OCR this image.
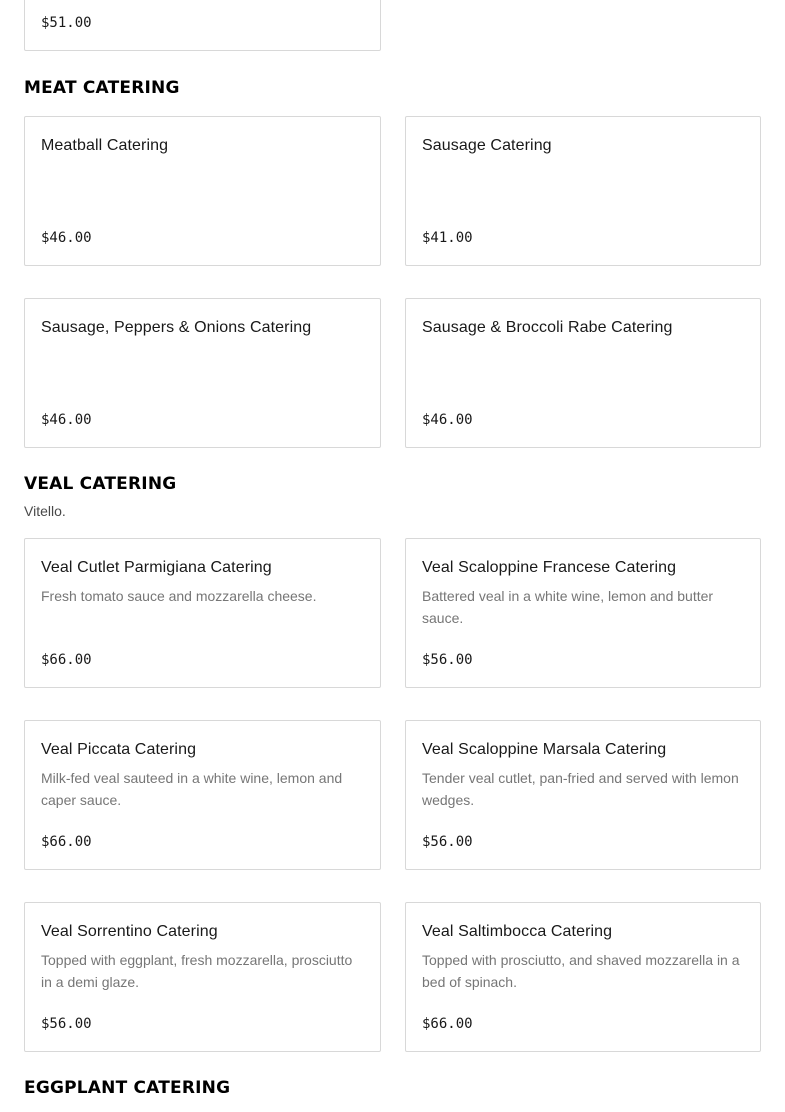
$51.00
MEAT CATERING
Meatball Catering
$46.00
Sausage Catering
$41.00
Sausage, Peppers & Onions Catering
$46.00
Sausage & Broccoli Rabe Catering
$46.00
VEAL CATERING
Vitello.
Veal Cutlet Parmigiana Catering
Fresh tomato sauce and mozzarella cheese.
$66.00
Veal Scaloppine Francese Catering
Battered veal in a white wine, lemon and butter sauce.
$56.00
Veal Piccata Catering
Milk-fed veal sauteed in a white wine, lemon and caper sauce.
$66.00
Veal Scaloppine Marsala Catering
Tender veal cutlet, pan-fried and served with lemon wedges.
$56.00
Veal Sorrentino Catering
Topped with eggplant, fresh mozzarella, prosciutto in a demi glaze.
$56.00
Veal Saltimbocca Catering
Topped with prosciutto, and shaved mozzarella in a bed of spinach.
$66.00
EGGPLANT CATERING
